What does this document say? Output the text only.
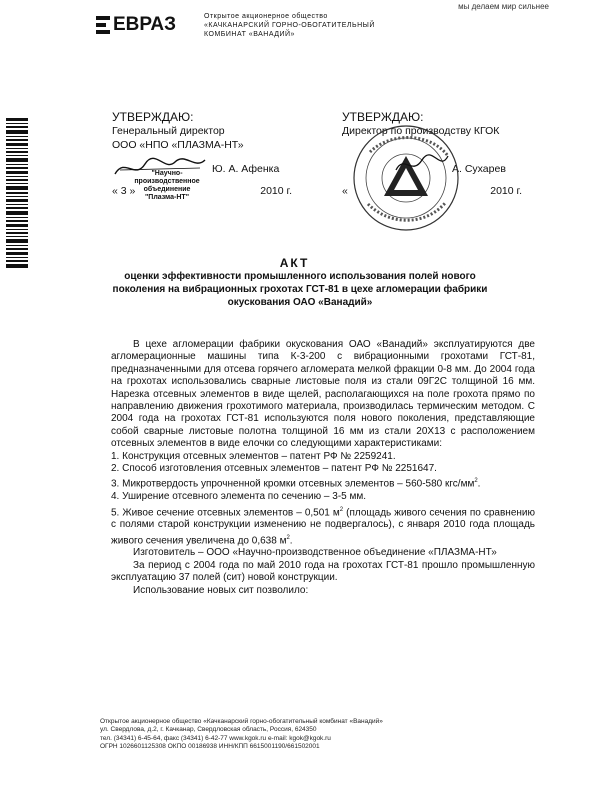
мы делаем мир сильнее
ЕВРАЗ	Открытое акционерное общество
«КАЧКАНАРСКИЙ ГОРНО-ОБОГАТИТЕЛЬНЫЙ
КОМБИНАТ «ВАНАДИЙ»
УТВЕРЖДАЮ:
Генеральный директор
ООО «НПО «ПЛАЗМА-НТ»
Ю. А. Афенка
« 3 »	2010 г.
"Научно-
производственное
объединение
"Плазма-НТ"
УТВЕРЖДАЮ:
Директор по производству КГОК
А. Сухарев
«	2010 г.
АКТ
оценки эффективности промышленного использования полей нового поколения на вибрационных грохотах ГСТ-81 в цехе агломерации фабрики окускования ОАО «Ванадий»

В цехе агломерации фабрики окускования ОАО «Ванадий» эксплуатируются две агломерационные машины типа К-3-200 с вибрационными грохотами ГСТ-81, предназначенными для отсева горячего агломерата мелкой фракции 0-8 мм. До 2004 года на грохотах использовались сварные листовые поля из стали 09Г2С толщиной 16 мм. Нарезка отсевных элементов в виде щелей, располагающихся на поле грохота прямо по направлению движения грохотимого материала, производилась термическим методом. С 2004 года на грохотах ГСТ-81 используются поля нового поколения, представляющие собой сварные листовые полотна толщиной 16 мм из стали 20Х13 с расположением отсевных элементов в виде елочки со следующими характеристиками:

1. Конструкция отсевных элементов – патент РФ № 2259241.

2. Способ изготовления отсевных элементов – патент РФ № 2251647.

3. Микротвердость упрочненной кромки отсевных элементов – 560-580 кгс/$мм^2$.

4. Уширение отсевного элемента по сечению – 3-5 мм.

5. Живое сечение отсевных элементов – 0,501 $м^2$ (площадь живого сечения по сравнению с полями старой конструкции изменению не подвергалось), с января 2010 года площадь живого сечения увеличена до 0,638 $м^2$.

Изготовитель – ООО «Научно-производственное объединение «ПЛАЗМА-НТ»

За период с 2004 года по май 2010 года на грохотах ГСТ-81 прошло промышленную эксплуатацию 37 полей (сит) новой конструкции.

Использование новых сит позволило:

Открытое акционерное общество «Качканарский горно-обогатительный комбинат «Ванадий»
ул. Свердлова, д.2, г. Качканар, Свердловская область, Россия, 624350
тел. (34341) 6-45-64, факс (34341) 6-42-77 www.kgok.ru e-mail: kgok@kgok.ru
ОГРН 1026601125308 ОКПО 00186938 ИНН/КПП 6615001190/661502001
